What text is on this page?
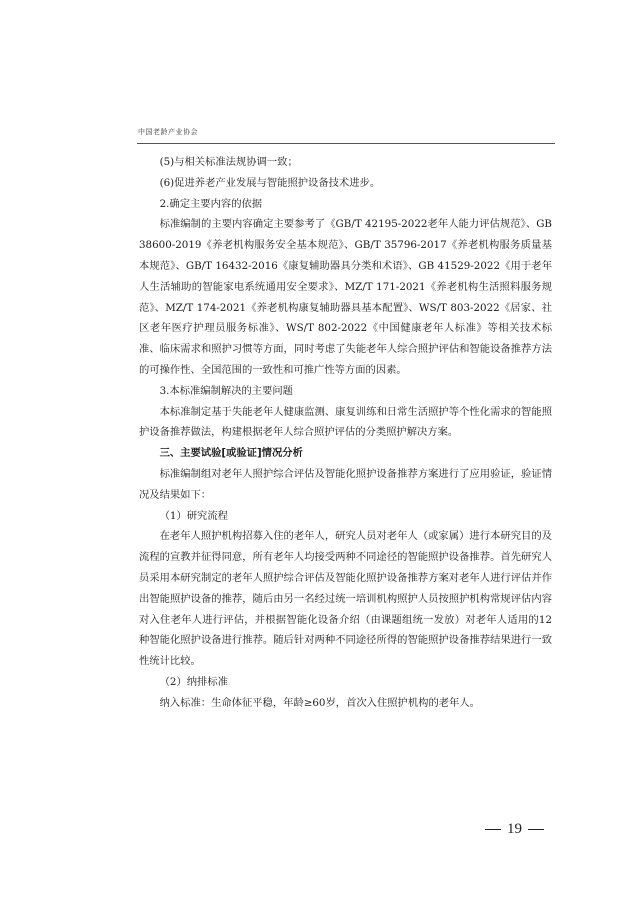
中国老龄产业协会

(5)与相关标准法规协调一致；

(6)促进养老产业发展与智能照护设备技术进步。

2.确定主要内容的依据

标准编制的主要内容确定主要参考了《GB/T 42195-2022老年人能力评估规范》、GB 38600-2019《养老机构服务安全基本规范》、GB/T 35796-2017《养老机构服务质量基本规范》、GB/T 16432-2016《康复辅助器具分类和术语》、GB 41529-2022《用于老年人生活辅助的智能家电系统通用安全要求》、MZ/T 171-2021《养老机构生活照料服务规范》、MZ/T 174-2021《养老机构康复辅助器具基本配置》、WS/T 803-2022《居家、社区老年医疗护理员服务标准》、WS/T 802-2022《中国健康老年人标准》等相关技术标准、临床需求和照护习惯等方面，同时考虑了失能老年人综合照护评估和智能设备推荐方法的可操作性、全国范围的一致性和可推广性等方面的因素。

3.本标准编制解决的主要问题

本标准制定基于失能老年人健康监测、康复训练和日常生活照护等个性化需求的智能照护设备推荐做法，构建根据老年人综合照护评估的分类照护解决方案。

三、主要试验[或验证]情况分析

标准编制组对老年人照护综合评估及智能化照护设备推荐方案进行了应用验证，验证情况及结果如下：

（1）研究流程

在老年人照护机构招募入住的老年人，研究人员对老年人（或家属）进行本研究目的及流程的宣教并征得同意，所有老年人均接受两种不同途径的智能照护设备推荐。首先研究人员采用本研究制定的老年人照护综合评估及智能化照护设备推荐方案对老年人进行评估并作出智能照护设备的推荐，随后由另一名经过统一培训机构照护人员按照护机构常规评估内容对入住老年人进行评估，并根据智能化设备介绍（由课题组统一发放）对老年人适用的12种智能化照护设备进行推荐。随后针对两种不同途径所得的智能照护设备推荐结果进行一致性统计比较。

（2）纳排标准

纳入标准：生命体征平稳，年龄≥60岁，首次入住照护机构的老年人。

19
